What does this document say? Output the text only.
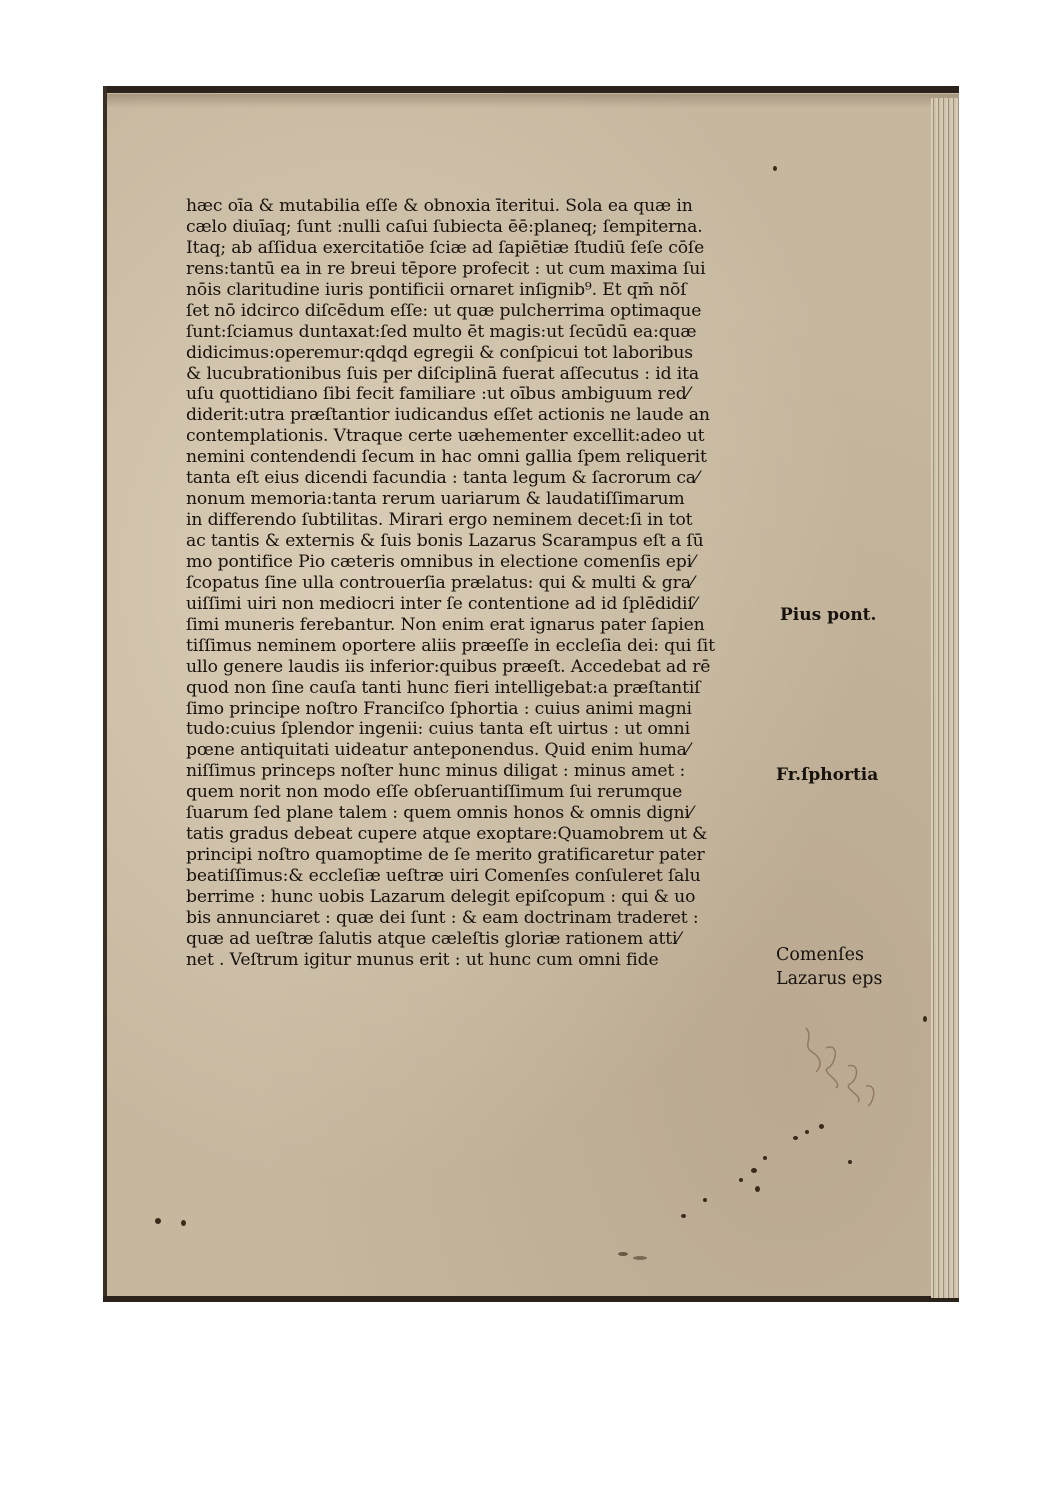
hæc oīa & mutabilia eſſe & obnoxia īteritui. Sola ea quæ in
cælo diuīaq; ſunt :nulli caſui ſubiecta ēē:planeq; ſempiterna.
Itaq; ab aſſidua exercitatiōe ſciæ ad ſapiētiæ ſtudiū ſeſe cōſe
rens:tantū ea in re breui tēpore profecit : ut cum maxima ſui
nōis claritudine iuris pontificii ornaret inſignib⁹. Et qm̄ nōſ
ſet nō idcirco diſcēdum eſſe: ut quæ pulcherrima optimaque
ſunt:ſciamus duntaxat:ſed multo ēt magis:ut ſecūdū ea:quæ
didicimus:operemur:qdqd egregii & conſpicui tot laboribus
& lucubrationibus ſuis per diſciplinā fuerat aſſecutus : id ita
uſu quottidiano ſibi fecit familiare :ut oībus ambiguum red⁄
diderit:utra præſtantior iudicandus eſſet actionis ne laude an
contemplationis. Vtraque certe uæhementer excellit:adeo ut
nemini contendendi ſecum in hac omni gallia ſpem reliquerit
tanta eſt eius dicendi facundia : tanta legum & ſacrorum ca⁄
nonum memoria:tanta rerum uariarum & laudatiſſimarum
in differendo ſubtilitas. Mirari ergo neminem decet:ſi in tot
ac tantis & externis & ſuis bonis Lazarus Scarampus eſt a ſū
mo pontifice Pio cæteris omnibus in electione comenſis epi⁄
ſcopatus ſine ulla controuerſia prælatus: qui & multi & gra⁄
uiſſimi uiri non mediocri inter ſe contentione ad id ſplēdidiſ⁄
ſimi muneris ferebantur. Non enim erat ignarus pater ſapien
tiſſimus neminem oportere aliis præeſſe in eccleſia dei: qui ſit
ullo genere laudis iis inferior:quibus præeſt. Accedebat ad rē
quod non ſine cauſa tanti hunc fieri intelligebat:a præſtantiſ
ſimo principe noſtro Franciſco ſphortia : cuius animi magni
tudo:cuius ſplendor ingenii: cuius tanta eſt uirtus : ut omni
pœne antiquitati uideatur anteponendus. Quid enim huma⁄
niſſimus princeps noſter hunc minus diligat : minus amet :
quem norit non modo eſſe obſeruantiſſimum ſui rerumque
ſuarum ſed plane talem : quem omnis honos & omnis digni⁄
tatis gradus debeat cupere atque exoptare:Quamobrem ut &
principi noſtro quamoptime de ſe merito gratificaretur pater
beatiſſimus:& eccleſiæ ueſtræ uiri Comenſes conſuleret ſalu
berrime : hunc uobis Lazarum delegit epiſcopum : qui & uo
bis annunciaret : quæ dei ſunt : & eam doctrinam traderet :
quæ ad ueſtræ ſalutis atque cæleſtis gloriæ rationem atti⁄
net . Veſtrum igitur munus erit : ut hunc cum omni fide
Pius pont.
Fr.ſphortia
Comenſes
Lazarus eps
